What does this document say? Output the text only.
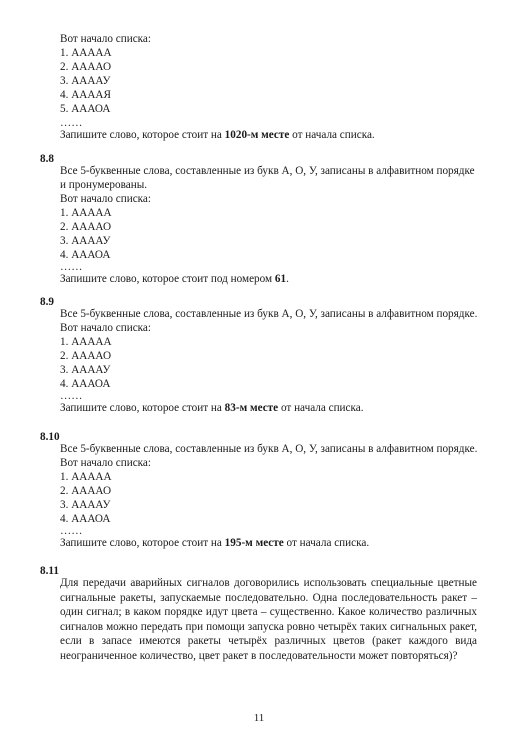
Вот начало списка:
1. ААААА
2. ААААО
3. ААААУ
4. ААААЯ
5. АААОА
……
Запишите слово, которое стоит на 1020-м месте от начала списка.
8.8
Все 5-буквенные слова, составленные из букв А, О, У, записаны в алфавитном порядке
и пронумерованы.
Вот начало списка:
1. ААААА
2. ААААО
3. ААААУ
4. АААОА
……
Запишите слово, которое стоит под номером 61.
8.9
Все 5-буквенные слова, составленные из букв А, О, У, записаны в алфавитном порядке.
Вот начало списка:
1. ААААА
2. ААААО
3. ААААУ
4. АААОА
……
Запишите слово, которое стоит на 83-м месте от начала списка.
8.10
Все 5-буквенные слова, составленные из букв А, О, У, записаны в алфавитном порядке.
Вот начало списка:
1. ААААА
2. ААААО
3. ААААУ
4. АААОА
……
Запишите слово, которое стоит на 195-м месте от начала списка.
8.11
Для передачи аварийных сигналов договорились использовать специальные цветные сигнальные ракеты, запускаемые последовательно. Одна последовательность ракет – один сигнал; в каком порядке идут цвета – существенно. Какое количество различных сигналов можно передать при помощи запуска ровно четырёх таких сигнальных ракет, если в запасе имеются ракеты четырёх различных цветов (ракет каждого вида неограниченное количество, цвет ракет в последовательности может повторяться)?
11
